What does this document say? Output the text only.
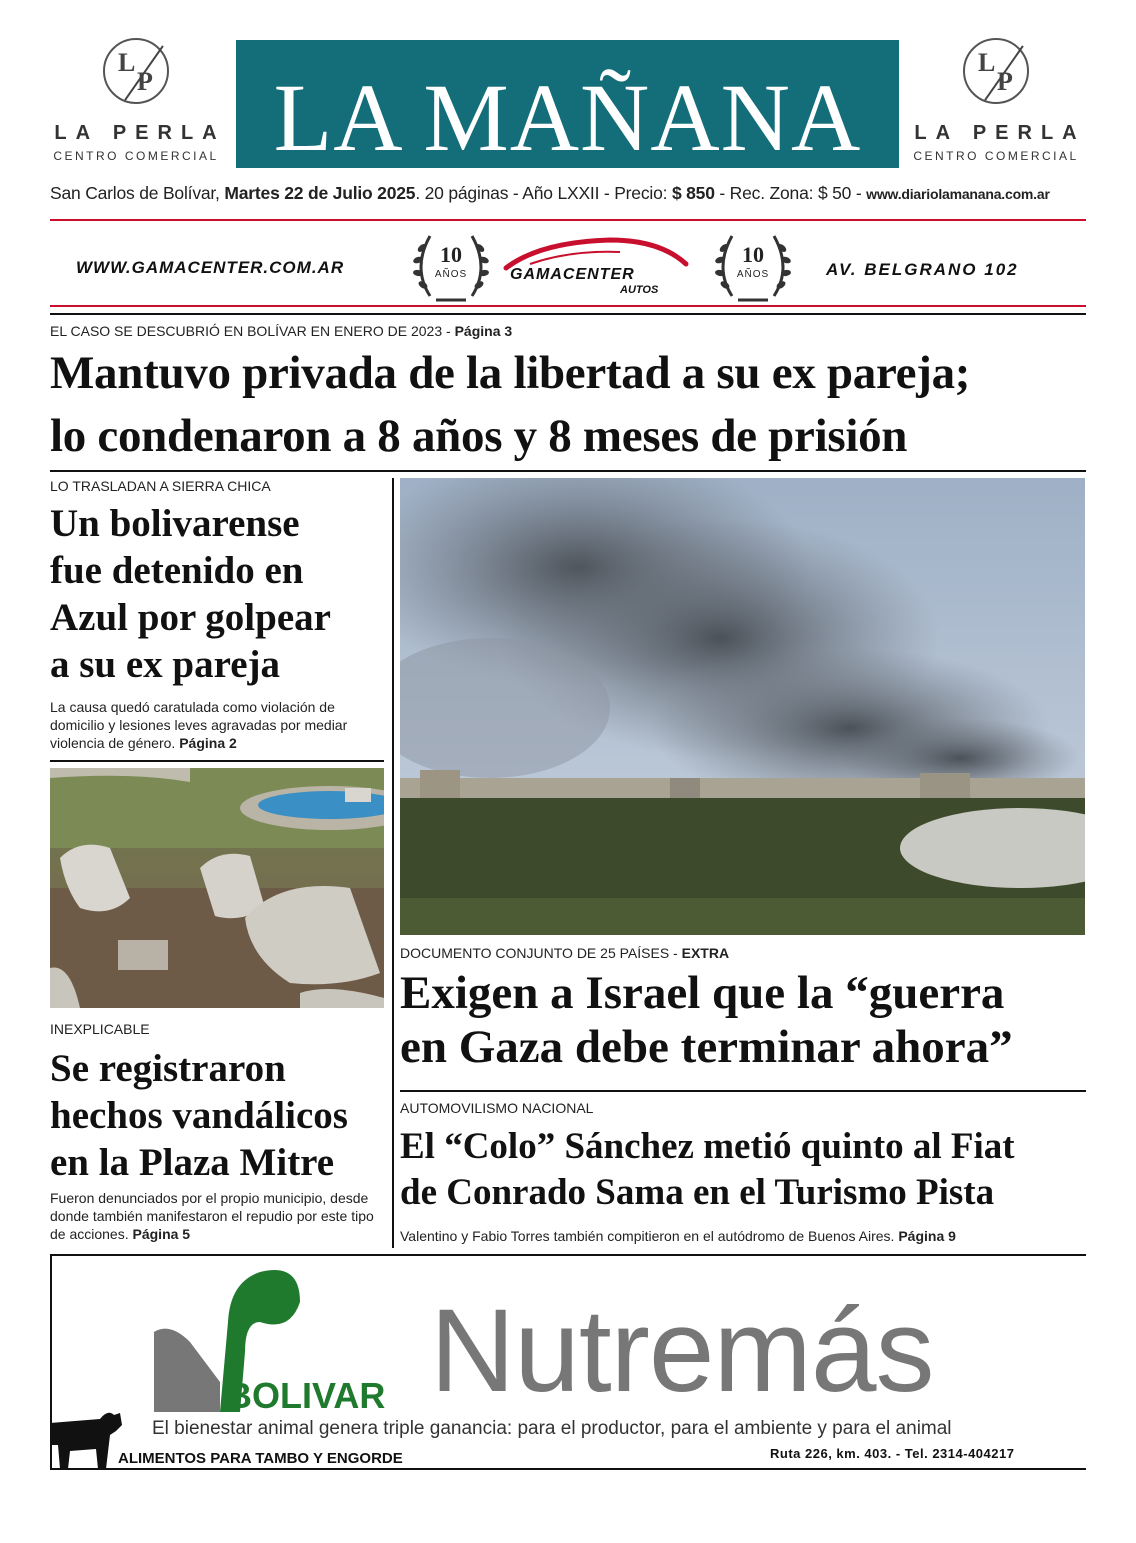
L
P
LA PERLA
CENTRO COMERCIAL LA MAÑANA
L
P
LA PERLA
CENTRO COMERCIAL
San Carlos de Bolívar, Martes 22 de Julio 2025. 20 páginas - Año LXXII - Precio: $ 850 - Rec. Zona: $ 50 - www.diariolamanana.com.ar
WWW.GAMACENTER.COM.AR
10
AÑOS	GAMACENTER
AUTOS
10
AÑOS	AV. BELGRANO 102
EL CASO SE DESCUBRIÓ EN BOLÍVAR EN ENERO DE 2023 - Página 3
Mantuvo privada de la libertad a su ex pareja;
lo condenaron a 8 años y 8 meses de prisión
LO TRASLADAN A SIERRA CHICA
Un bolivarense
fue detenido en
Azul por golpear
a su ex pareja
La causa quedó caratulada como violación de domicilio y lesiones leves agravadas por mediar violencia de género. Página 2
INEXPLICABLE
Se registraron
hechos vandálicos
en la Plaza Mitre
Fueron denunciados por el propio municipio, desde donde también manifestaron el repudio por este tipo de acciones. Página 5
DOCUMENTO CONJUNTO DE 25 PAÍSES - EXTRA
Exigen a Israel que la “guerra
en Gaza debe terminar ahora”
AUTOMOVILISMO NACIONAL
El “Colo” Sánchez metió quinto al Fiat
de Conrado Sama en el Turismo Pista
Valentino y Fabio Torres también compitieron en el autódromo de Buenos Aires. Página 9
BOLIVAR Nutremás
El bienestar animal genera triple ganancia: para el productor, para el ambiente y para el animal
ALIMENTOS PARA TAMBO Y ENGORDE	Ruta 226, km. 403. - Tel. 2314-404217
